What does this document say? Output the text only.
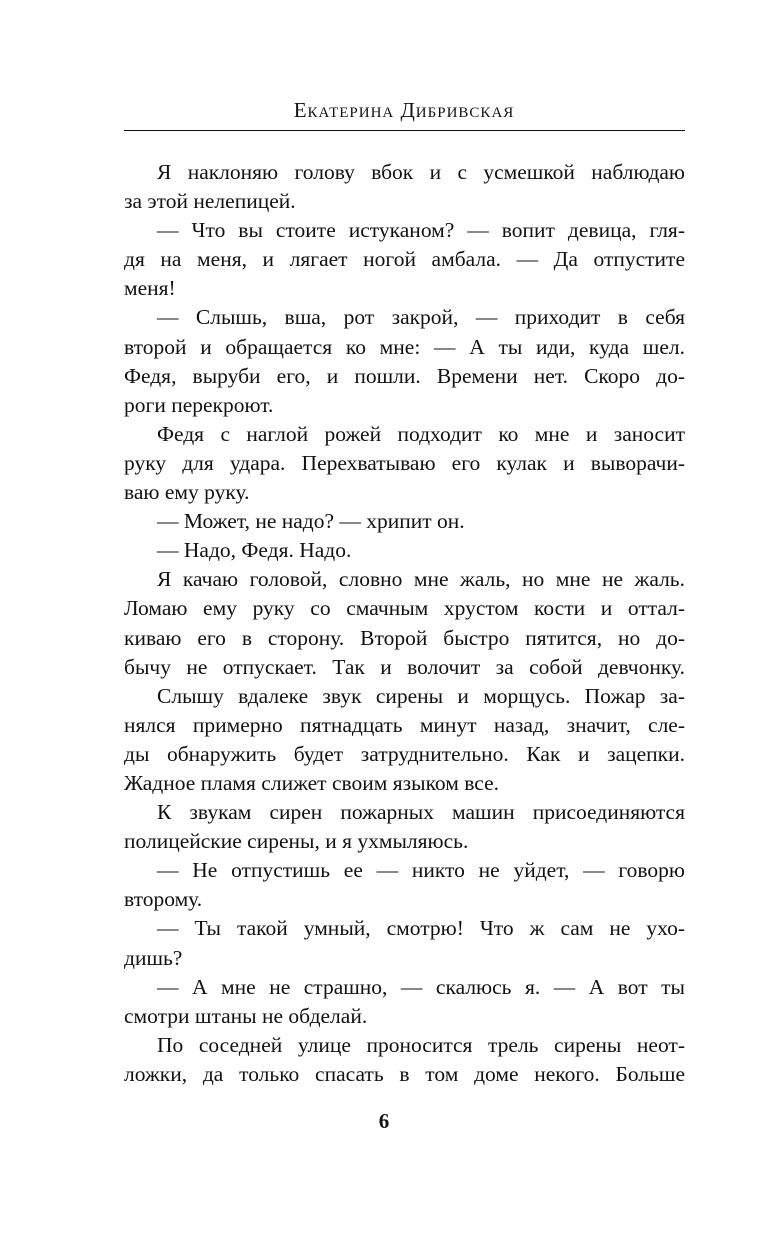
Екатерина Дибривская
Я наклоняю голову вбок и с усмешкой наблюдаю
за этой нелепицей.
— Что вы стоите истуканом? — вопит девица, гля-
дя на меня, и лягает ногой амбала. — Да отпустите
меня!
— Слышь, вша, рот закрой, — приходит в себя
второй и обращается ко мне: — А ты иди, куда шел.
Федя, выруби его, и пошли. Времени нет. Скоро до-
роги перекроют.
Федя с наглой рожей подходит ко мне и заносит
руку для удара. Перехватываю его кулак и выворачи-
ваю ему руку.
— Может, не надо? — хрипит он.
— Надо, Федя. Надо.
Я качаю головой, словно мне жаль, но мне не жаль.
Ломаю ему руку со смачным хрустом кости и оттал-
киваю его в сторону. Второй быстро пятится, но до-
бычу не отпускает. Так и волочит за собой девчонку.
Слышу вдалеке звук сирены и морщусь. Пожар за-
нялся примерно пятнадцать минут назад, значит, сле-
ды обнаружить будет затруднительно. Как и зацепки.
Жадное пламя слижет своим языком все.
К звукам сирен пожарных машин присоединяются
полицейские сирены, и я ухмыляюсь.
— Не отпустишь ее — никто не уйдет, — говорю
второму.
— Ты такой умный, смотрю! Что ж сам не ухо-
дишь?
— А мне не страшно, — скалюсь я. — А вот ты
смотри штаны не обделай.
По соседней улице проносится трель сирены неот-
ложки, да только спасать в том доме некого. Больше
6
